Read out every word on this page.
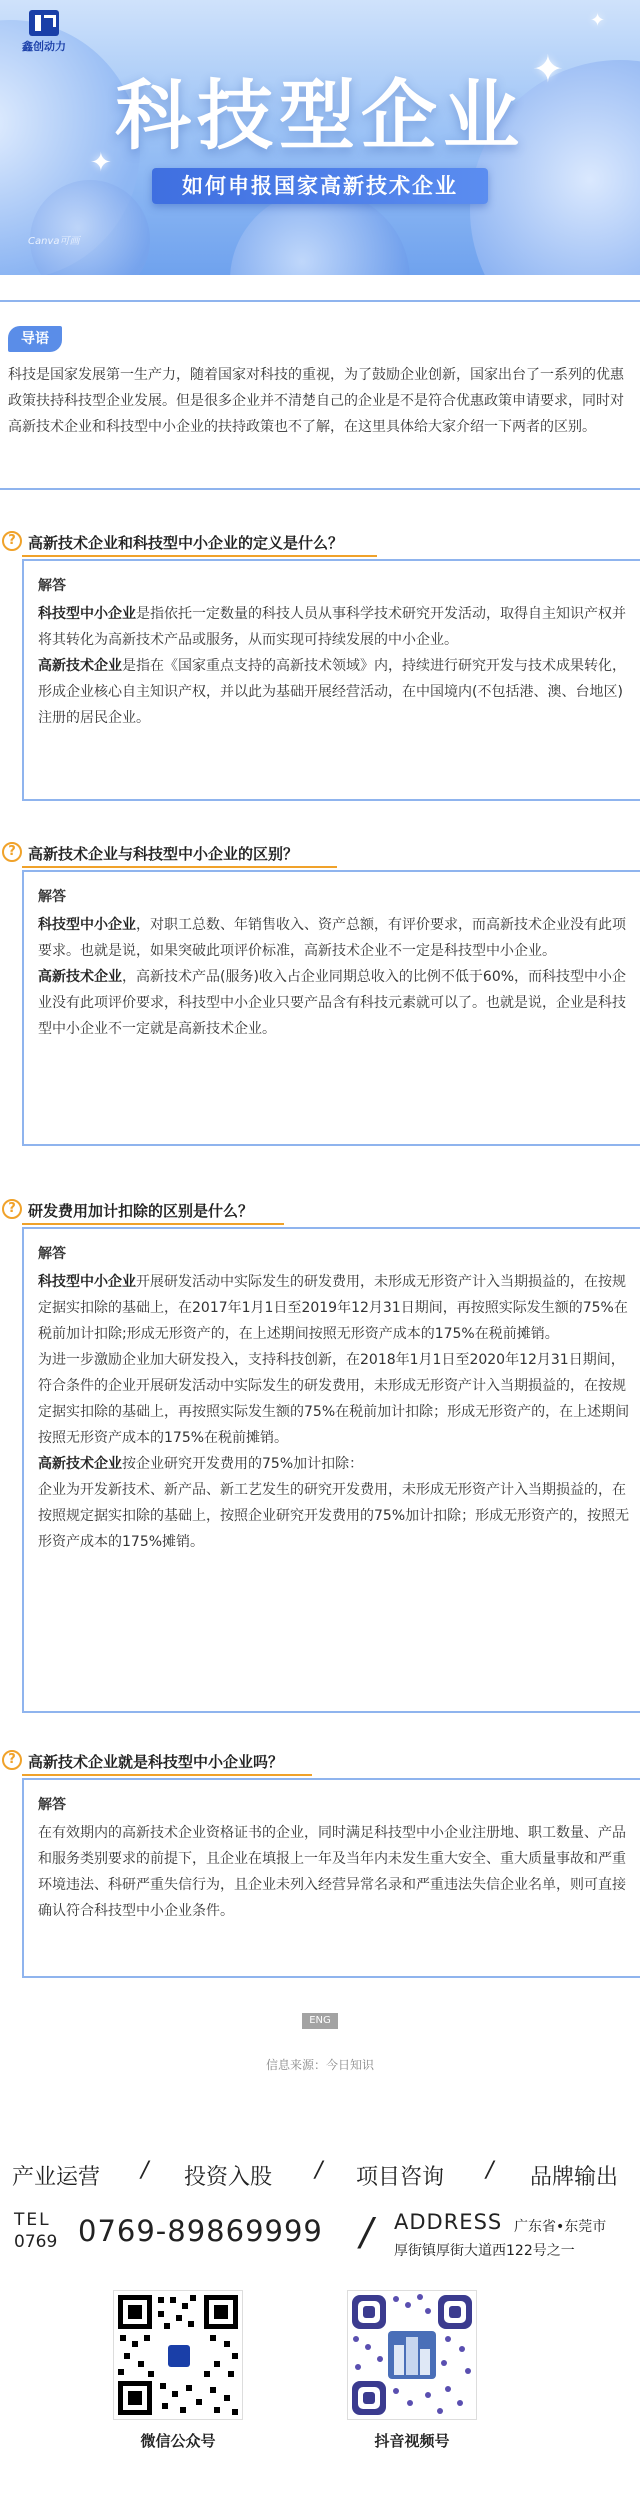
✦
✦
✦
鑫创动力
科技型企业
如何申报国家高新技术企业
Canva可画
导语
科技是国家发展第一生产力，随着国家对科技的重视，为了鼓励企业创新，国家出台了一系列的优惠政策扶持科技型企业发展。但是很多企业并不清楚自己的企业是不是符合优惠政策申请要求，同时对高新技术企业和科技型中小企业的扶持政策也不了解，在这里具体给大家介绍一下两者的区别。
? 高新技术企业和科技型中小企业的定义是什么？
解答

科技型中小企业是指依托一定数量的科技人员从事科学技术研究开发活动，取得自主知识产权并将其转化为高新技术产品或服务，从而实现可持续发展的中小企业。

高新技术企业是指在《国家重点支持的高新技术领域》内，持续进行研究开发与技术成果转化，形成企业核心自主知识产权，并以此为基础开展经营活动，在中国境内(不包括港、澳、台地区)注册的居民企业。

? 高新技术企业与科技型中小企业的区别？
解答

科技型中小企业，对职工总数、年销售收入、资产总额，有评价要求，而高新技术企业没有此项要求。也就是说，如果突破此项评价标准，高新技术企业不一定是科技型中小企业。

高新技术企业，高新技术产品(服务)收入占企业同期总收入的比例不低于60%，而科技型中小企业没有此项评价要求，科技型中小企业只要产品含有科技元素就可以了。也就是说，企业是科技型中小企业不一定就是高新技术企业。

? 研发费用加计扣除的区别是什么？
解答

科技型中小企业开展研发活动中实际发生的研发费用，未形成无形资产计入当期损益的，在按规定据实扣除的基础上，在2017年1月1日至2019年12月31日期间，再按照实际发生额的75%在税前加计扣除;形成无形资产的，在上述期间按照无形资产成本的175%在税前摊销。

为进一步激励企业加大研发投入，支持科技创新，在2018年1月1日至2020年12月31日期间，符合条件的企业开展研发活动中实际发生的研发费用，未形成无形资产计入当期损益的，在按规定据实扣除的基础上，再按照实际发生额的75%在税前加计扣除；形成无形资产的，在上述期间按照无形资产成本的175%在税前摊销。

高新技术企业按企业研究开发费用的75%加计扣除：

企业为开发新技术、新产品、新工艺发生的研究开发费用，未形成无形资产计入当期损益的，在按照规定据实扣除的基础上，按照企业研究开发费用的75%加计扣除；形成无形资产的，按照无形资产成本的175%摊销。

? 高新技术企业就是科技型中小企业吗？
解答

在有效期内的高新技术企业资格证书的企业，同时满足科技型中小企业注册地、职工数量、产品和服务类别要求的前提下，且企业在填报上一年及当年内未发生重大安全、重大质量事故和严重环境违法、科研严重失信行为，且企业未列入经营异常名录和严重违法失信企业名单，则可直接确认符合科技型中小企业条件。

ENG
信息来源：今日知识
产业运营 / 投资入股 / 项目咨询 / 品牌输出
TEL
0769 0769-89869999 / ADDRESS 广东省•东莞市
厚街镇厚街大道西122号之一
微信公众号	抖音视频号
